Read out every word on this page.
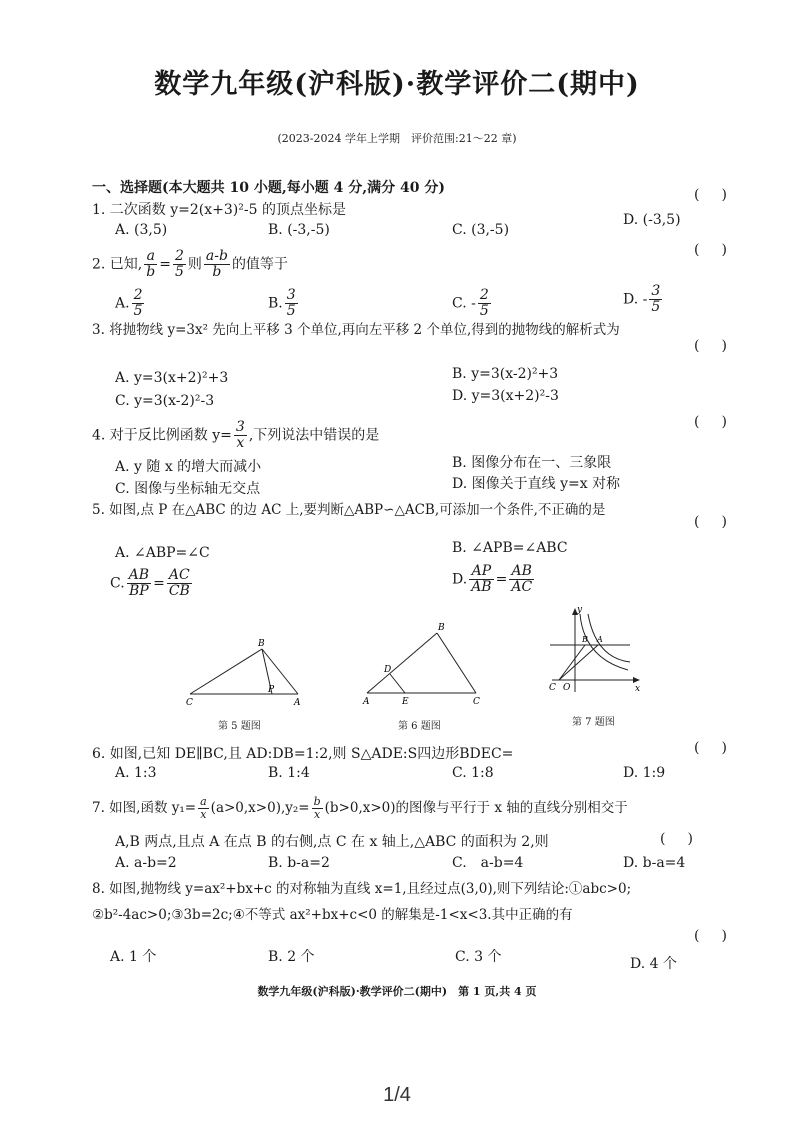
数学九年级(沪科版)·教学评价二(期中)
(2023-2024 学年上学期　评价范围:21～22 章)
一、选择题(本大题共 10 小题,每小题 4 分,满分 40 分)	()
1. 二次函数 y=2(x+3)²-5 的顶点坐标是
A. (3,5)	B. (-3,-5)	C. (3,-5)
D. (-3,5)
()
2. 已知, $\frac{a}{b} = \frac{2}{5}$ 则 $\frac{a-b}{b}$ 的值等于
A. $\frac{2}{5}$	B. $\frac{3}{5}$	C. - $\frac{2}{5}$	D. - $\frac{3}{5}$
3. 将抛物线 y=3x² 先向上平移 3 个单位,再向左平移 2 个单位,得到的抛物线的解析式为
()
A. y=3(x+2)²+3	B. y=3(x-2)²+3
C. y=3(x-2)²-3	D. y=3(x+2)²-3
()
4. 对于反比例函数 $y= \frac{3}{x}$ ,下列说法中错误的是
A. y 随 x 的增大而减小	B. 图像分布在一、三象限
C. 图像与坐标轴无交点	D. 图像关于直线 y=x 对称
5. 如图,点 P 在△ABC 的边 AC 上,要判断△ABP∽△ACB,可添加一个条件,不正确的是
()
A. ∠ABP=∠C	B. ∠APB=∠ABC
C. $\frac{AB}{BP} = \frac{AC}{CB}$	D. $\frac{AP}{AB} = \frac{AB}{AC}$
B
C
P
A
B
D
A	E	C
y
B A
C O	x
第 5 题图	第 6 题图	第 7 题图
()
6. 如图,已知 DE∥BC,且 AD:DB=1:2,则 S△ADE:S四边形BDEC=
A. 1:3	B. 1:4	C. 1:8	D. 1:9
7. 如图,函数 $y_1= \frac{a}{x} (a>0,x>0),y_2= \frac{b}{x} (b>0,x>0)$的图像与平行于 x 轴的直线分别相交于
A,B 两点,且点 A 在点 B 的右侧,点 C 在 x 轴上,△ABC 的面积为 2,则	()
A. a-b=2	B. b-a=2	C.　a-b=4	D. b-a=4
8. 如图,抛物线 y=ax²+bx+c 的对称轴为直线 x=1,且经过点(3,0),则下列结论:①abc>0;
②b²-4ac>0;③3b=2c;④不等式 ax²+bx+c<0 的解集是-1<x<3.其中正确的有
()
A. 1 个	B. 2 个	C. 3 个	D. 4 个
数学九年级(沪科版)·教学评价二(期中)　第 1 页,共 4 页
1/4
